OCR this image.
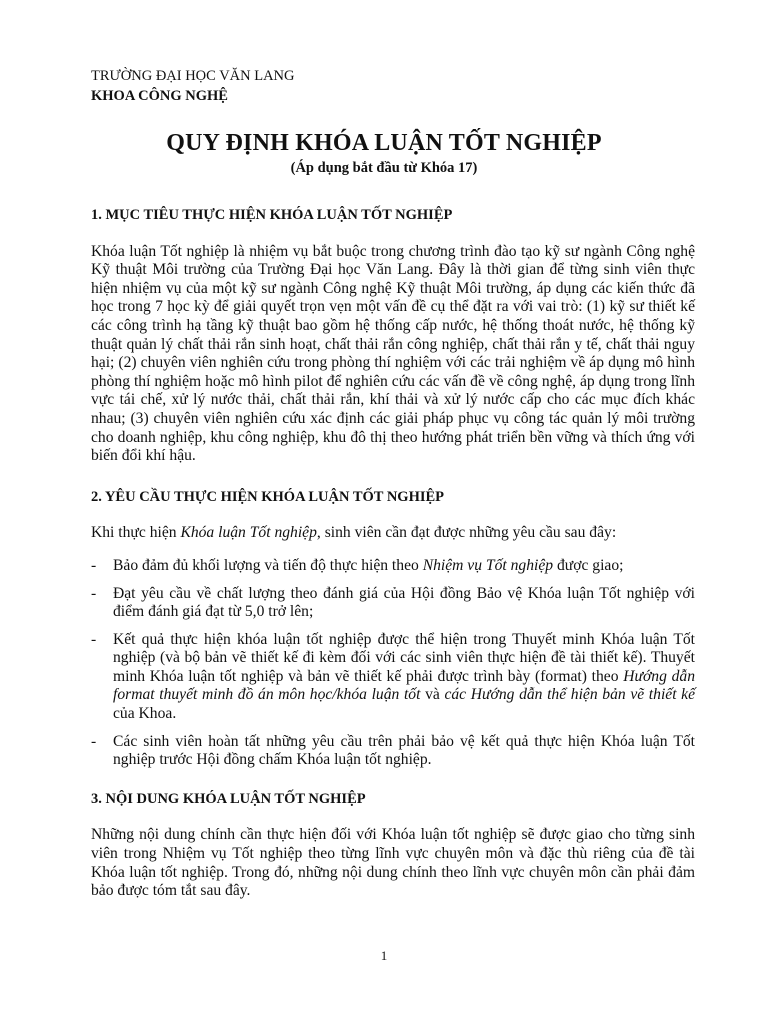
TRƯỜNG ĐẠI HỌC VĂN LANG
KHOA CÔNG NGHỆ
QUY ĐỊNH KHÓA LUẬN TỐT NGHIỆP
(Áp dụng bắt đầu từ Khóa 17)
1. MỤC TIÊU THỰC HIỆN KHÓA LUẬN TỐT NGHIỆP

Khóa luận Tốt nghiệp là nhiệm vụ bắt buộc trong chương trình đào tạo kỹ sư ngành Công nghệ Kỹ thuật Môi trường của Trường Đại học Văn Lang. Đây là thời gian để từng sinh viên thực hiện nhiệm vụ của một kỹ sư ngành Công nghệ Kỹ thuật Môi trường, áp dụng các kiến thức đã học trong 7 học kỳ để giải quyết trọn vẹn một vấn đề cụ thể đặt ra với vai trò: (1) kỹ sư thiết kế các công trình hạ tầng kỹ thuật bao gồm hệ thống cấp nước, hệ thống thoát nước, hệ thống kỹ thuật quản lý chất thải rắn sinh hoạt, chất thải rắn công nghiệp, chất thải rắn y tế, chất thải nguy hại; (2) chuyên viên nghiên cứu trong phòng thí nghiệm với các trải nghiệm về áp dụng mô hình phòng thí nghiệm hoặc mô hình pilot để nghiên cứu các vấn đề về công nghệ, áp dụng trong lĩnh vực tái chế, xử lý nước thải, chất thải rắn, khí thải và xử lý nước cấp cho các mục đích khác nhau; (3) chuyên viên nghiên cứu xác định các giải pháp phục vụ công tác quản lý môi trường cho doanh nghiệp, khu công nghiệp, khu đô thị theo hướng phát triển bền vững và thích ứng với biến đổi khí hậu.

2. YÊU CẦU THỰC HIỆN KHÓA LUẬN TỐT NGHIỆP

Khi thực hiện Khóa luận Tốt nghiệp, sinh viên cần đạt được những yêu cầu sau đây:

- Bảo đảm đủ khối lượng và tiến độ thực hiện theo Nhiệm vụ Tốt nghiệp được giao;
- Đạt yêu cầu về chất lượng theo đánh giá của Hội đồng Bảo vệ Khóa luận Tốt nghiệp với điểm đánh giá đạt từ 5,0 trở lên;
- Kết quả thực hiện khóa luận tốt nghiệp được thể hiện trong Thuyết minh Khóa luận Tốt nghiệp (và bộ bản vẽ thiết kế đi kèm đối với các sinh viên thực hiện đề tài thiết kế). Thuyết minh Khóa luận tốt nghiệp và bản vẽ thiết kế phải được trình bày (format) theo Hướng dẫn format thuyết minh đồ án môn học/khóa luận tốt và các Hướng dẫn thể hiện bản vẽ thiết kế của Khoa.
- Các sinh viên hoàn tất những yêu cầu trên phải bảo vệ kết quả thực hiện Khóa luận Tốt nghiệp trước Hội đồng chấm Khóa luận tốt nghiệp.
3. NỘI DUNG KHÓA LUẬN TỐT NGHIỆP

Những nội dung chính cần thực hiện đối với Khóa luận tốt nghiệp sẽ được giao cho từng sinh viên trong Nhiệm vụ Tốt nghiệp theo từng lĩnh vực chuyên môn và đặc thù riêng của đề tài Khóa luận tốt nghiệp. Trong đó, những nội dung chính theo lĩnh vực chuyên môn cần phải đảm bảo được tóm tắt sau đây.

1
